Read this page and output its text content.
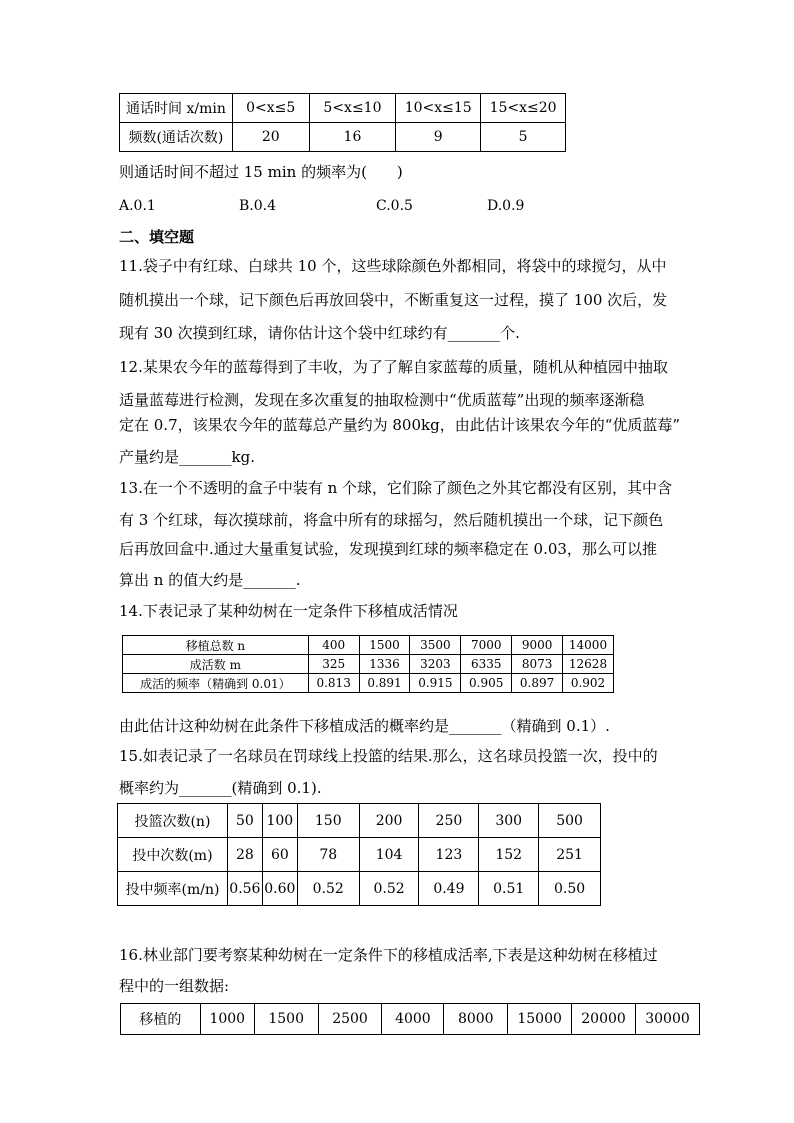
通话时间 x/min	0<x≤5	5<x≤10	10<x≤15	15<x≤20
频数(通话次数)	20	16	9	5
则通话时间不超过 15 min 的频率为(　　)
A.0.1	B.0.4	C.0.5	D.0.9
二、填空题
11.袋子中有红球、白球共 10 个，这些球除颜色外都相同，将袋中的球搅匀，从中
随机摸出一个球，记下颜色后再放回袋中，不断重复这一过程，摸了 100 次后，发
现有 30 次摸到红球，请你估计这个袋中红球约有_______个.
12.某果农今年的蓝莓得到了丰收，为了了解自家蓝莓的质量，随机从种植园中抽取
适量蓝莓进行检测，发现在多次重复的抽取检测中“优质蓝莓”出现的频率逐渐稳
定在 0.7，该果农今年的蓝莓总产量约为 800kg，由此估计该果农今年的“优质蓝莓”
产量约是_______kg.
13.在一个不透明的盒子中装有 n 个球，它们除了颜色之外其它都没有区别，其中含
有 3 个红球，每次摸球前，将盒中所有的球摇匀，然后随机摸出一个球，记下颜色
后再放回盒中.通过大量重复试验，发现摸到红球的频率稳定在 0.03，那么可以推
算出 n 的值大约是_______.
14.下表记录了某种幼树在一定条件下移植成活情况
移植总数 n	400	1500	3500	7000	9000	14000
成活数 m	325	1336	3203	6335	8073	12628
成活的频率（精确到 0.01）	0.813	0.891	0.915	0.905	0.897	0.902
由此估计这种幼树在此条件下移植成活的概率约是_______（精确到 0.1）.
15.如表记录了一名球员在罚球线上投篮的结果.那么，这名球员投篮一次，投中的
概率约为_______(精确到 0.1).
投篮次数(n)	50	100	150	200	250	300	500
投中次数(m)	28	60	78	104	123	152	251
投中频率(m/n)	0.56	0.60	0.52	0.52	0.49	0.51	0.50
16.林业部门要考察某种幼树在一定条件下的移植成活率,下表是这种幼树在移植过
程中的一组数据:
移植的	1000	1500	2500	4000	8000	15000	20000	30000
